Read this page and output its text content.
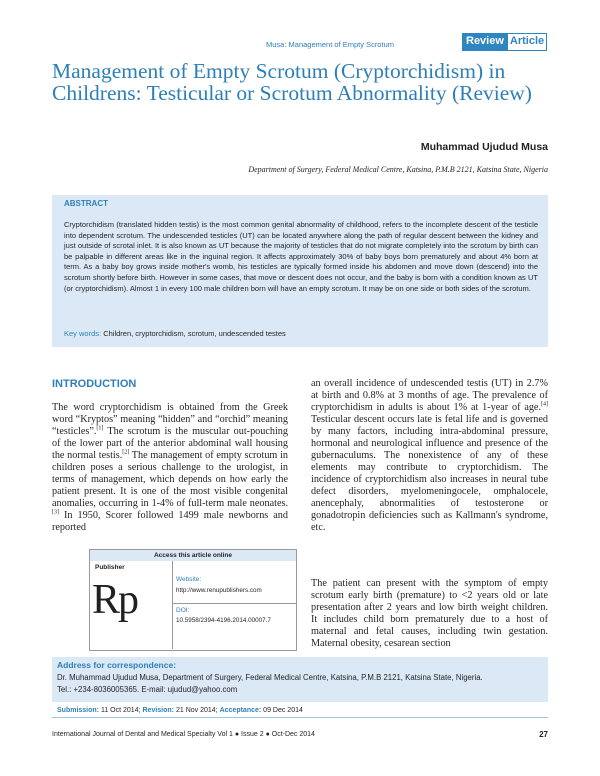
Musa: Management of Empty Scrotum	Review Article
Management of Empty Scrotum (Cryptorchidism) in Childrens: Testicular or Scrotum Abnormality (Review)
Muhammad Ujudud Musa
Department of Surgery, Federal Medical Centre, Katsina, P.M.B 2121, Katsina State, Nigeria
ABSTRACT
Cryptorchidism (translated hidden testis) is the most common genital abnormality of childhood, refers to the incomplete descent of the testicle into dependent scrotum. The undescended testicles (UT) can be located anywhere along the path of regular descent between the kidney and just outside of scrotal inlet. It is also known as UT because the majority of testicles that do not migrate completely into the scrotum by birth can be palpable in different areas like in the inguinal region. It affects approximately 30% of baby boys born prematurely and about 4% born at term. As a baby boy grows inside mother's womb, his testicles are typically formed inside his abdomen and move down (descend) into the scrotum shortly before birth. However in some cases, that move or descent does not occur, and the baby is born with a condition known as UT (or cryptorchidism). Almost 1 in every 100 male children born will have an empty scrotum. It may be on one side or both sides of the scrotum.
Key words: Children, cryptorchidism, scrotum, undescended testes
INTRODUCTION
The word cryptorchidism is obtained from the Greek word “Kryptos” meaning “hidden” and “orchid” meaning “testicles”.[1] The scrotum is the muscular out-pouching of the lower part of the anterior abdominal wall housing the normal testis.[2] The management of empty scrotum in children poses a serious challenge to the urologist, in terms of management, which depends on how early the patient present. It is one of the most visible congenital anomalies, occurring in 1-4% of full-term male neonates.[3] In 1950, Scorer followed 1499 male newborns and reported
an overall incidence of undescended testis (UT) in 2.7% at birth and 0.8% at 3 months of age. The prevalence of cryptorchidism in adults is about 1% at 1-year of age.[4] Testicular descent occurs late is fetal life and is governed by many factors, including intra-abdominal pressure, hormonal and neurological influence and presence of the gubernaculums. The nonexistence of any of these elements may contribute to cryptorchidism. The incidence of cryptorchidism also increases in neural tube defect disorders, myelomeningocele, omphalocele, anencephaly, abnormalities of testosterone or gonadotropin deficiencies such as Kallmann's syndrome, etc.
The patient can present with the symptom of empty scrotum early birth (premature) to <2 years old or late presentation after 2 years and low birth weight children. It includes child born prematurely due to a host of maternal and fetal causes, including twin gestation. Maternal obesity, cesarean section
Access this article online
Publisher
Rp	Website:
http://www.renupublishers.com
DOI:
10.5958/2394-4196.2014.00007.7
Address for correspondence:
Dr. Muhammad Ujudud Musa, Department of Surgery, Federal Medical Centre, Katsina, P.M.B 2121, Katsina State, Nigeria.
Tel.: +234-8036005365. E-mail: ujudud@yahoo.com
Submission: 11 Oct 2014; Revision: 21 Nov 2014; Acceptance: 09 Dec 2014
International Journal of Dental and Medical Specialty Vol 1 ● Issue 2 ● Oct-Dec 2014	27
